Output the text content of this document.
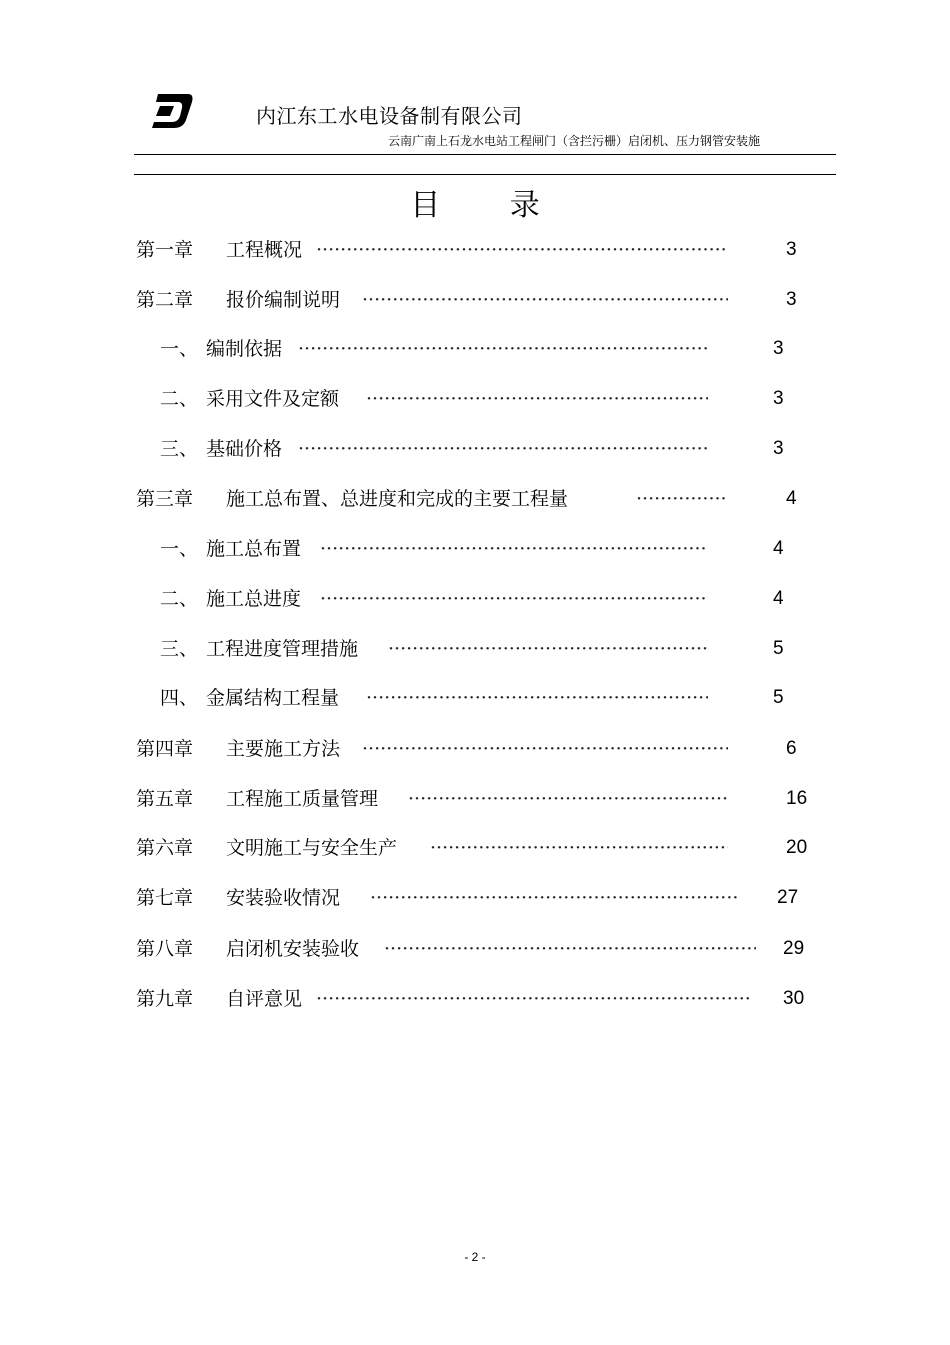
内江东工水电设备制有限公司
云南广南上石龙水电站工程闸门（含拦污栅）启闭机、压力钢管安装施
目 录
第一章 工程概况 ·····	3
第二章 报价编制说明 ·····	3
一、 编制依据 ·····	3
二、 采用文件及定额 ·····	3
三、 基础价格 ·····	3
第三章 施工总布置、总进度和完成的主要工程量 ·····	4
一、 施工总布置 ·····	4
二、 施工总进度 ·····	4
三、 工程进度管理措施 ·····	5
四、 金属结构工程量 ·····	5
第四章 主要施工方法 ·····	6
第五章 工程施工质量管理 ·····	16
第六章 文明施工与安全生产 ·····	20
第七章 安装验收情况 ·····	27
第八章 启闭机安装验收 ·····	29
第九章 自评意见 ·····	30
- 2 -
